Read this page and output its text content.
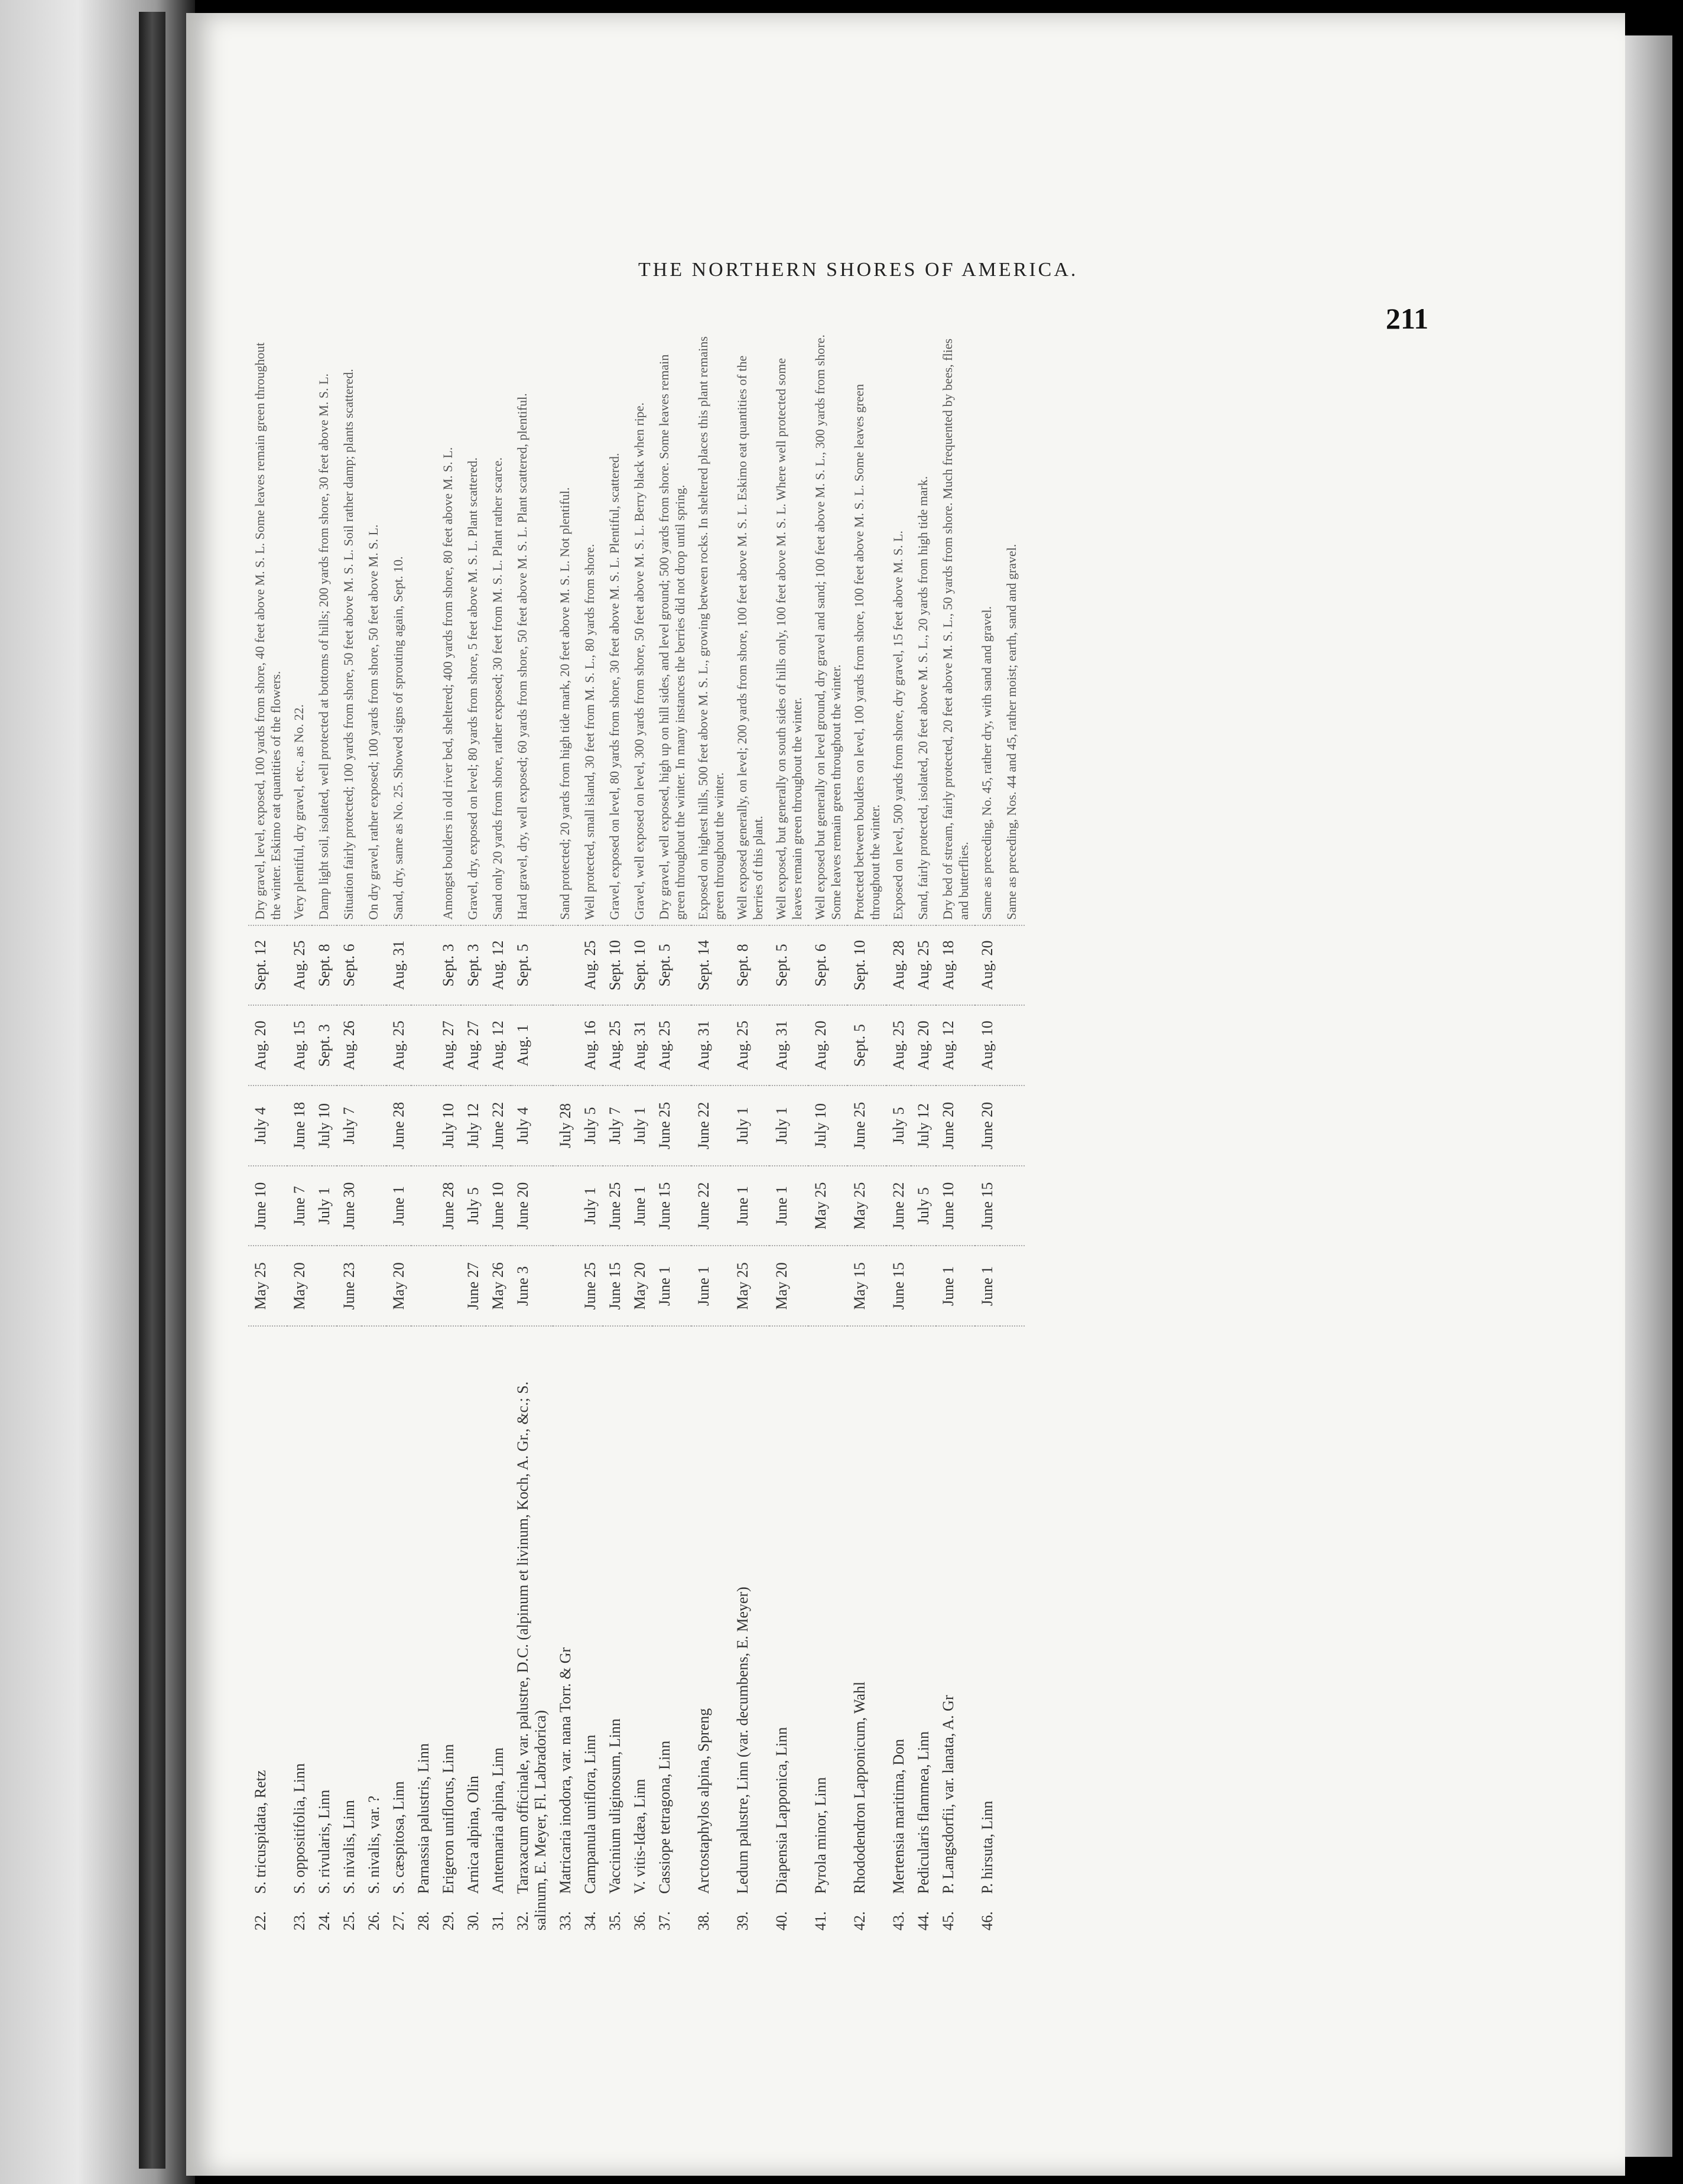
THE NORTHERN SHORES OF AMERICA.
211
22.S. tricuspidata, Retz	May 25	June 10	July 4	Aug. 20	Sept. 12	Dry gravel, level, exposed, 100 yards from shore, 40 feet above M. S. L. Some leaves remain green throughout the winter. Eskimo eat quantities of the flowers.
23.S. oppositifolia, Linn	May 20	June 7	June 18	Aug. 15	Aug. 25	Very plentiful, dry gravel, etc., as No. 22.
24.S. rivularis, Linn		July 1	July 10	Sept. 3	Sept. 8	Damp light soil, isolated, well protected at bottoms of hills; 200 yards from shore, 30 feet above M. S. L.
25.S. nivalis, Linn	June 23	June 30	July 7	Aug. 26	Sept. 6	Situation fairly protected; 100 yards from shore, 50 feet above M. S. L. Soil rather damp; plants scattered.
26.S. nivalis, var. ?						On dry gravel, rather exposed; 100 yards from shore, 50 feet above M. S. L.
27.S. cæspitosa, Linn	May 20	June 1	June 28	Aug. 25	Aug. 31	Sand, dry, same as No. 25. Showed signs of sprouting again, Sept. 10.
28.Parnassia palustris, Linn						
29.Erigeron uniflorus, Linn		June 28	July 10	Aug. 27	Sept. 3	Amongst boulders in old river bed, sheltered; 400 yards from shore, 80 feet above M. S. L.
30.Arnica alpina, Olin	June 27	July 5	July 12	Aug. 27	Sept. 3	Gravel, dry, exposed on level; 80 yards from shore, 5 feet above M. S. L. Plant scattered.
31.Antennaria alpina, Linn	May 26	June 10	June 22	Aug. 12	Aug. 12	Sand only 20 yards from shore, rather exposed; 30 feet from M. S. L. Plant rather scarce.
32.Taraxacum officinale, var. palustre, D.C. (alpinum et livinum, Koch, A. Gr., &c.; S. salinum, E. Meyer, Fl. Labradorica)	June 3	June 20	July 4	Aug. 1	Sept. 5	Hard gravel, dry, well exposed; 60 yards from shore, 50 feet above M. S. L. Plant scattered, plentiful.
33.Matricaria inodora, var. nana Torr. & Gr			July 28			Sand protected; 20 yards from high tide mark, 20 feet above M. S. L. Not plentiful.
34.Campanula uniflora, Linn	June 25	July 1	July 5	Aug. 16	Aug. 25	Well protected, small island, 30 feet from M. S. L., 80 yards from shore.
35.Vaccinium uliginosum, Linn	June 15	June 25	July 7	Aug. 25	Sept. 10	Gravel, exposed on level, 80 yards from shore, 30 feet above M. S. L. Plentiful, scattered.
36.V. vitis-Idæa, Linn	May 20	June 1	July 1	Aug. 31	Sept. 10	Gravel, well exposed on level, 300 yards from shore, 50 feet above M. S. L. Berry black when ripe.
37.Cassiope tetragona, Linn	June 1	June 15	June 25	Aug. 25	Sept. 5	Dry gravel, well exposed, high up on hill sides, and level ground; 500 yards from shore. Some leaves remain green throughout the winter. In many instances the berries did not drop until spring.
38.Arctostaphylos alpina, Spreng	June 1	June 22	June 22	Aug. 31	Sept. 14	Exposed on highest hills, 500 feet above M. S. L., growing between rocks. In sheltered places this plant remains green throughout the winter.
39.Ledum palustre, Linn (var. decumbens, E. Meyer)	May 25	June 1	July 1	Aug. 25	Sept. 8	Well exposed generally, on level; 200 yards from shore, 100 feet above M. S. L. Eskimo eat quantities of the berries of this plant.
40.Diapensia Lapponica, Linn	May 20	June 1	July 1	Aug. 31	Sept. 5	Well exposed, but generally on south sides of hills only, 100 feet above M. S. L. Where well protected some leaves remain green throughout the winter.
41.Pyrola minor, Linn		May 25	July 10	Aug. 20	Sept. 6	Well exposed but generally on level ground, dry gravel and sand; 100 feet above M. S. L., 300 yards from shore. Some leaves remain green throughout the winter.
42.Rhododendron Lapponicum, Wahl	May 15	May 25	June 25	Sept. 5	Sept. 10	Protected between boulders on level, 100 yards from shore, 100 feet above M. S. L. Some leaves green throughout the winter.
43.Mertensia maritima, Don	June 15	June 22	July 5	Aug. 25	Aug. 28	Exposed on level, 500 yards from shore, dry gravel, 15 feet above M. S. L.
44.Pedicularis flammea, Linn		July 5	July 12	Aug. 20	Aug. 25	Sand, fairly protected, isolated, 20 feet above M. S. L., 20 yards from high tide mark.
45.P. Langsdorfii, var. lanata, A. Gr	June 1	June 10	June 20	Aug. 12	Aug. 18	Dry bed of stream, fairly protected, 20 feet above M. S. L., 50 yards from shore. Much frequented by bees, flies and butterflies.
46.P. hirsuta, Linn	June 1	June 15	June 20	Aug. 10	Aug. 20	Same as preceding, No. 45, rather dry, with sand and gravel.
						Same as preceding, Nos. 44 and 45, rather moist; earth, sand and gravel.
